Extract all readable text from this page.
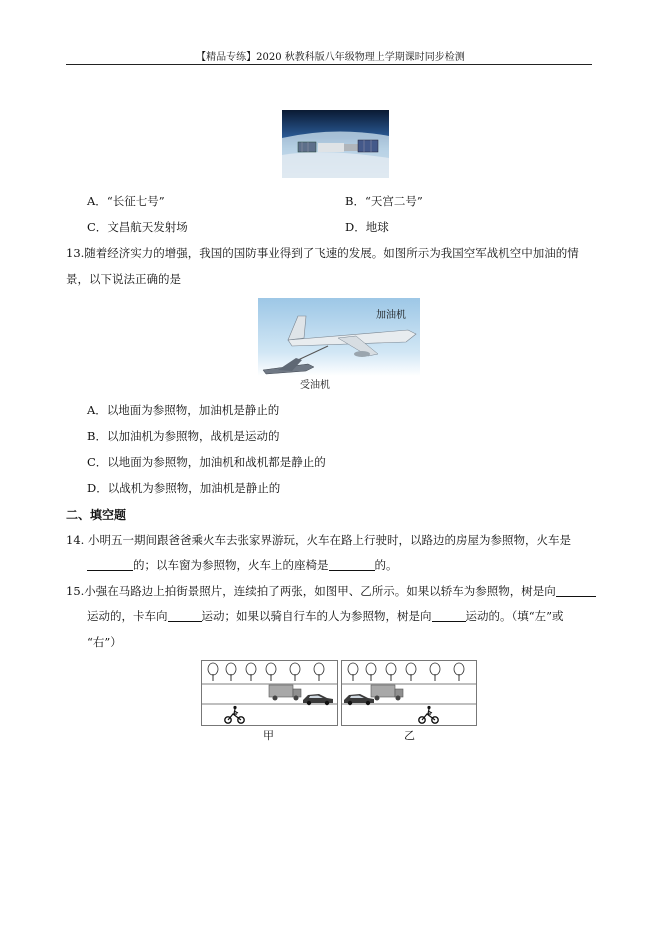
【精品专练】2020 秋教科版八年级物理上学期课时同步检测
A．“长征七号”	B．“天宫二号”
C．文昌航天发射场	D．地球
13.随着经济实力的增强，我国的国防事业得到了飞速的发展。如图所示为我国空军战机空中加油的情
景，以下说法正确的是
加油机
受油机
A．以地面为参照物，加油机是静止的
B．以加油机为参照物，战机是运动的
C．以地面为参照物，加油机和战机都是静止的
D．以战机为参照物，加油机是静止的
二、填空题
14. 小明五一期间跟爸爸乘火车去张家界游玩，火车在路上行驶时，以路边的房屋为参照物，火车是
的；以车窗为参照物，火车上的座椅是	的。
15.小强在马路边上拍街景照片，连续拍了两张，如图甲、乙所示。如果以轿车为参照物，树是向
运动的，卡车向	运动；如果以骑自行车的人为参照物，树是向	运动的。（填“左”或
“右”）
甲	乙
